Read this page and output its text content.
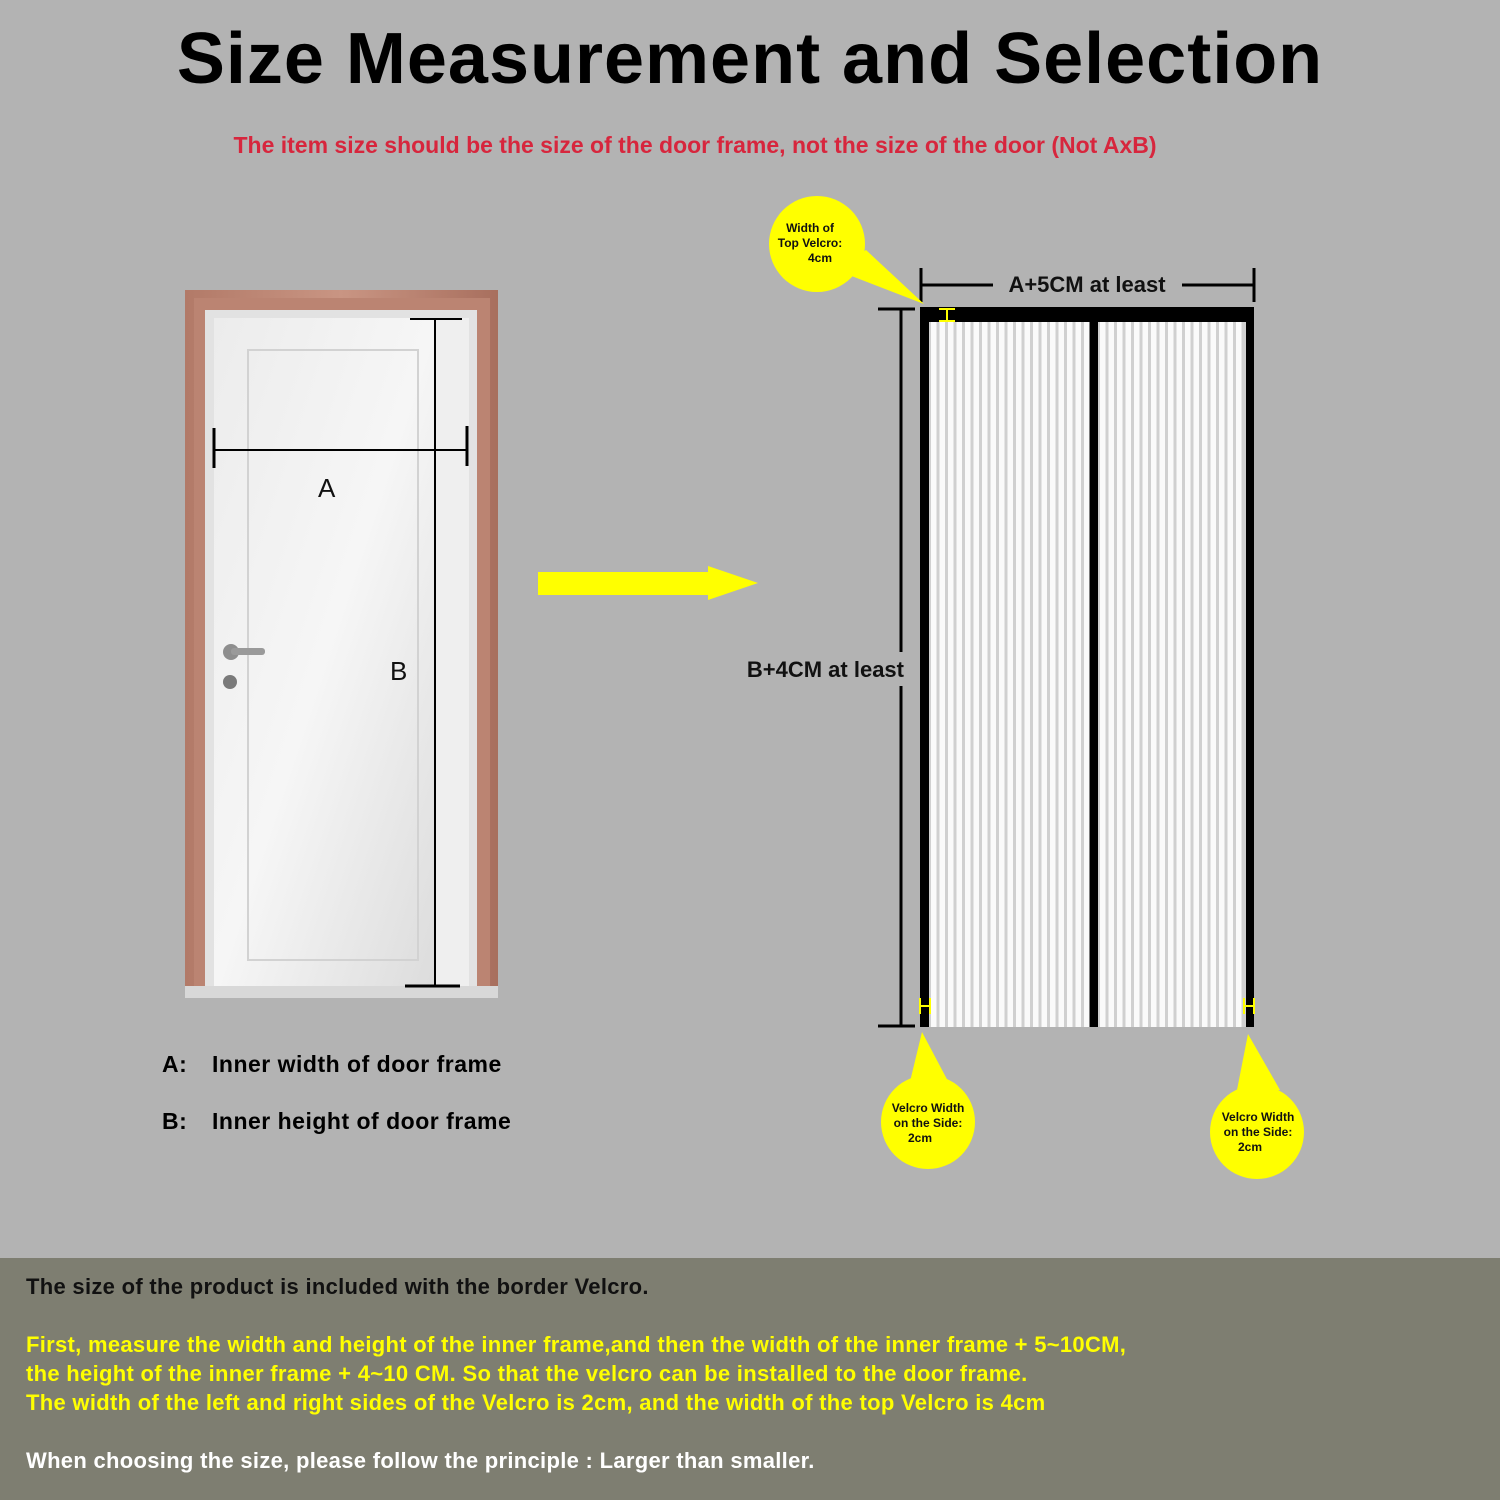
Size Measurement and Selection
The item size should be the size of the door frame, not the size of the door (Not AxB)
A
B
A+5CM at least
B+4CM at least
Width of
Top Velcro:
4cm
Velcro Width
on the Side:
2cm
Velcro Width
on the Side:
2cm
A: Inner width of door frame
B: Inner height of door frame

The size of the product is included with the border Velcro.

First, measure the width and height of the inner frame,and then the width of the inner frame + 5~10CM,

the height of the inner frame + 4~10 CM. So that the velcro can be installed to the door frame.

The width of the left and right sides of the Velcro is 2cm, and the width of the top Velcro is 4cm

When choosing the size, please follow the principle : Larger than smaller.
